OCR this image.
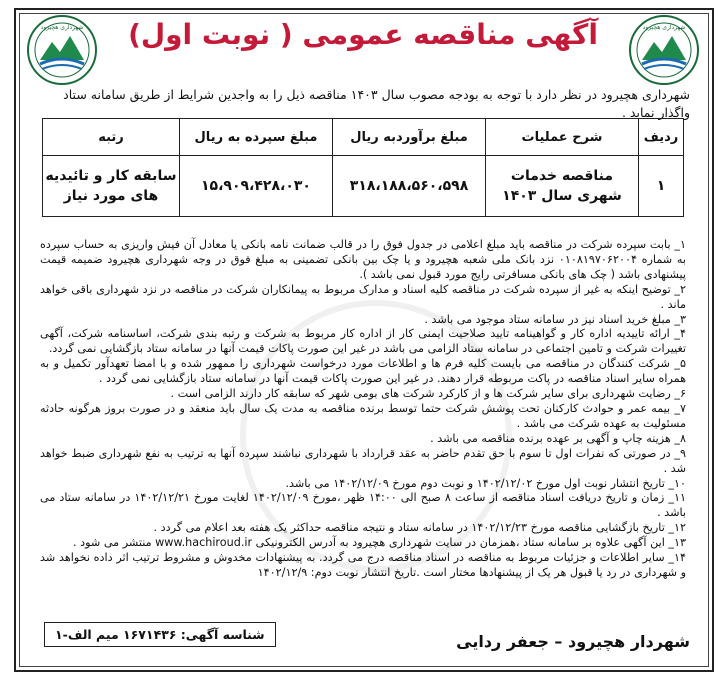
شهرداری هچیرود	شهرداری هچیرود
آگهی مناقصه عمومی ( نوبت اول)
شهرداری هچیرود در نظر دارد با توجه به بودجه مصوب سال ۱۴۰۳ مناقصه ذیل را به واجدین شرایط از طریق سامانه ستاد واگذار نماید .
ردیف	شرح عملیات	مبلغ برآوردبه ریال	مبلغ سپرده به ریال	رتبه
۱	مناقصه خدمات شهری سال ۱۴۰۳	۳۱۸،۱۸۸،۵۶۰،۵۹۸	۱۵،۹۰۹،۴۲۸،۰۳۰	سابقه کار و تائیدیه های مورد نیاز

۱_ بابت سپرده شرکت در مناقصه باید مبلغ اعلامی در جدول فوق را در قالب ضمانت نامه بانکی یا معادل آن فیش واریزی به حساب سپرده به شماره ۰۱۰۸۱۹۷۰۶۲۰۰۴ نزد بانک ملی شعبه هچیرود و یا چک بین بانکی تضمینی به مبلغ فوق در وجه شهرداری هچیرود ضمیمه قیمت پیشنهادی باشد ( چک های بانکی مسافرتی رایج مورد قبول نمی باشد ).

۲_ توضیح اینکه به غیر از سپرده شرکت در مناقصه کلیه اسناد و مدارک مربوط به پیمانکاران شرکت در مناقصه در نزد شهرداری باقی خواهد ماند .

۳_ مبلغ خرید اسناد نیز در سامانه ستاد موجود می باشد .

۴_ ارائه تاییدیه اداره کار و گواهینامه تایید صلاحیت ایمنی کار از اداره کار مربوط به شرکت و رتبه بندی شرکت، اساسنامه شرکت، آگهی تغییرات شرکت و تامین اجتماعی در سامانه ستاد الزامی می باشد در غیر این صورت پاکات قیمت آنها در سامانه ستاد بازگشایی نمی گردد.

۵_ شرکت کنندگان در مناقصه می بایست کلیه فرم ها و اطلاعات مورد درخواست شهرداری را ممهور شده و با امضا تعهدآور تکمیل و به همراه سایر اسناد مناقصه در پاکت مربوطه قرار دهند. در غیر این صورت پاکات قیمت آنها در سامانه ستاد بازگشایی نمی گردد .

۶_ رضایت شهرداری برای سایر شرکت ها و از کارکرد شرکت های بومی شهر که سابقه کار دارند الزامی است .

۷_ بیمه عمر و حوادث کارکنان تحت پوشش شرکت حتما توسط برنده مناقصه به مدت یک سال باید منعقد و در صورت بروز هرگونه حادثه مسئولیت به عهده شرکت می باشد .

۸_ هزینه چاپ و آگهی بر عهده برنده مناقصه می باشد .

۹_ در صورتی که نفرات اول تا سوم با حق تقدم حاضر به عقد قرارداد با شهرداری نباشند سپرده آنها به ترتیب به نفع شهرداری ضبط خواهد شد .

۱۰_ تاریخ انتشار نوبت اول مورخ ۱۴۰۲/۱۲/۰۲ و نوبت دوم مورخ ۱۴۰۲/۱۲/۰۹ می باشد.

۱۱_ زمان و تاریخ دریافت اسناد مناقصه از ساعت ۸ صبح الی ۱۴:۰۰ ظهر ،مورخ ۱۴۰۲/۱۲/۰۹ لغایت مورخ ۱۴۰۲/۱۲/۲۱ در سامانه ستاد می باشد .

۱۲_ تاریخ بازگشایی مناقصه مورخ ۱۴۰۲/۱۲/۲۳ در سامانه ستاد و نتیجه مناقصه حداکثر یک هفته بعد اعلام می گردد .

۱۳_ این آگهی علاوه بر سامانه ستاد ،همزمان در سایت شهرداری هچیرود به آدرس الکترونیکی www.hachiroud.ir منتشر می شود .

۱۴_ سایر اطلاعات و جزئیات مربوط به مناقصه در اسناد مناقصه درج می گردد. به پیشنهادات مخدوش و مشروط ترتیب اثر داده نخواهد شد و شهرداری در رد یا قبول هر یک از پیشنهادها مختار است .تاریخ انتشار نوبت دوم: ۱۴۰۲/۱۲/۹

شهردار هچیرود – جعفر ردایی
شناسه آگهی: ۱۶۷۱۴۳۶ میم الف-۱
